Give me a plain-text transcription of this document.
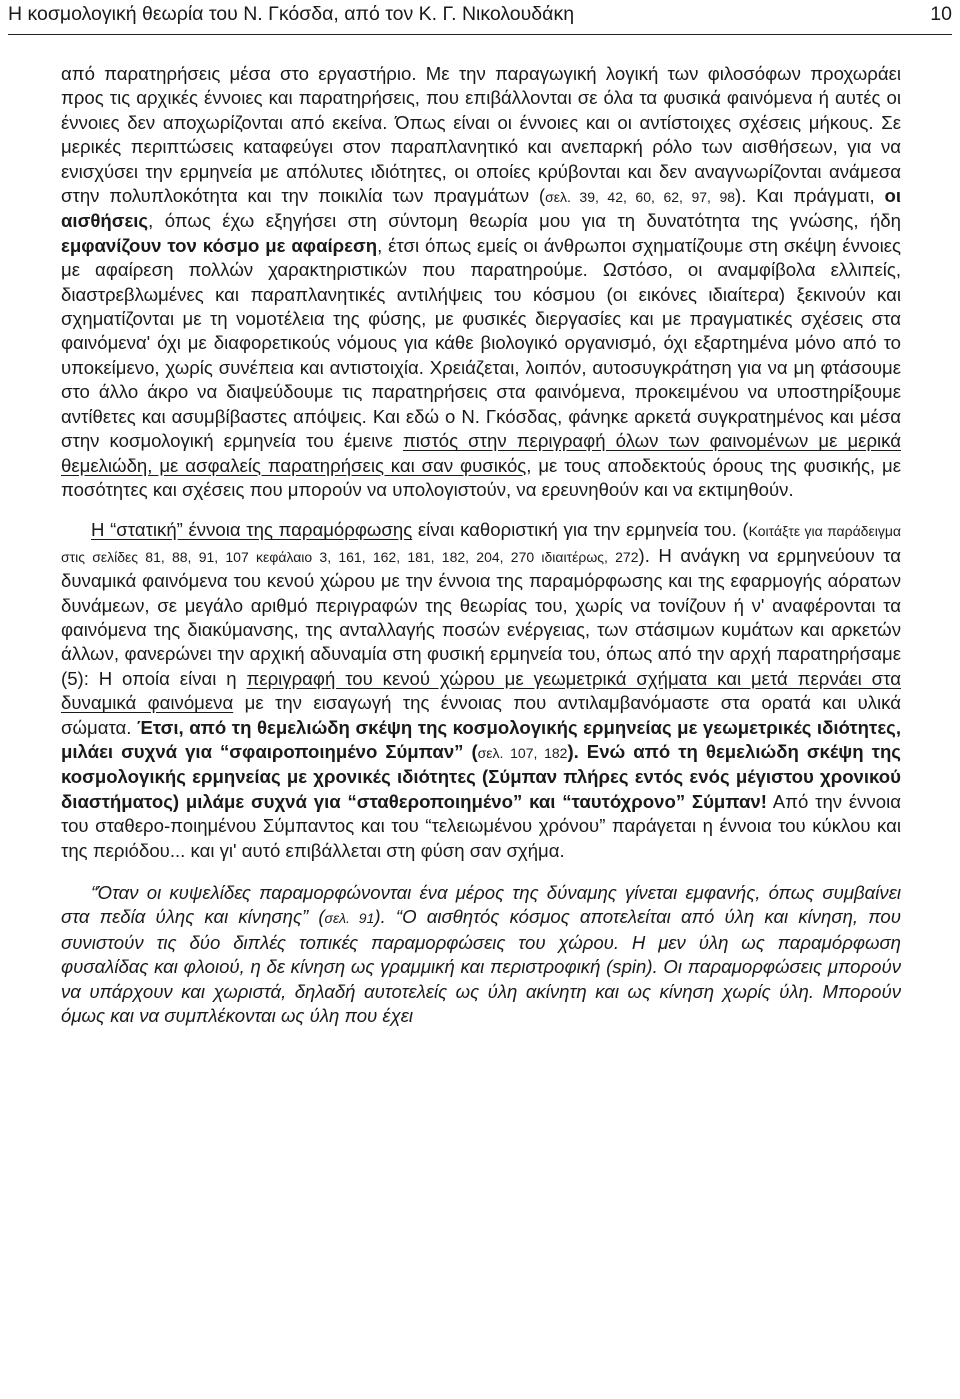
Η κοσμολογική θεωρία του Ν. Γκόσδα, από τον Κ. Γ. Νικολουδάκη	10

από παρατηρήσεις μέσα στο εργαστήριο. Με την παραγωγική λογική των φιλοσόφων προχωράει προς τις αρχικές έννοιες και παρατηρήσεις, που επιβάλλονται σε όλα τα φυσικά φαινόμενα ή αυτές οι έννοιες δεν αποχωρίζονται από εκείνα. Όπως είναι οι έννοιες και οι αντίστοιχες σχέσεις μήκους. Σε μερικές περιπτώσεις καταφεύγει στον παραπλανητικό και ανεπαρκή ρόλο των αισθήσεων, για να ενισχύσει την ερμηνεία με απόλυτες ιδιότητες, οι οποίες κρύβονται και δεν αναγνωρίζονται ανάμεσα στην πολυπλοκότητα και την ποικιλία των πραγμάτων (σελ. 39, 42, 60, 62, 97, 98). Και πράγματι, οι αισθήσεις, όπως έχω εξηγήσει στη σύντομη θεωρία μου για τη δυνατότητα της γνώσης, ήδη εμφανίζουν τον κόσμο με αφαίρεση, έτσι όπως εμείς οι άνθρωποι σχηματίζουμε στη σκέψη έννοιες με αφαίρεση πολλών χαρακτηριστικών που παρατηρούμε. Ωστόσο, οι αναμφίβολα ελλιπείς, διαστρεβλωμένες και παραπλανητικές αντιλήψεις του κόσμου (οι εικόνες ιδιαίτερα) ξεκινούν και σχηματίζονται με τη νομοτέλεια της φύσης, με φυσικές διεργασίες και με πραγματικές σχέσεις στα φαινόμενα' όχι με διαφορετικούς νόμους για κάθε βιολογικό οργανισμό, όχι εξαρτημένα μόνο από το υποκείμενο, χωρίς συνέπεια και αντιστοιχία. Χρειάζεται, λοιπόν, αυτοσυγκράτηση για να μη φτάσουμε στο άλλο άκρο να διαψεύδουμε τις παρατηρήσεις στα φαινόμενα, προκειμένου να υποστηρίξουμε αντίθετες και ασυμβίβαστες απόψεις. Και εδώ ο Ν. Γκόσδας, φάνηκε αρκετά συγκρατημένος και μέσα στην κοσμολογική ερμηνεία του έμεινε πιστός στην περιγραφή όλων των φαινομένων με μερικά θεμελιώδη, με ασφαλείς παρατηρήσεις και σαν φυσικός, με τους αποδεκτούς όρους της φυσικής, με ποσότητες και σχέσεις που μπορούν να υπολογιστούν, να ερευνηθούν και να εκτιμηθούν.

Η “στατική” έννοια της παραμόρφωσης είναι καθοριστική για την ερμηνεία του. (Κοιτάξτε για παράδειγμα στις σελίδες 81, 88, 91, 107 κεφάλαιο 3, 161, 162, 181, 182, 204, 270 ιδιαιτέρως, 272). Η ανάγκη να ερμηνεύουν τα δυναμικά φαινόμενα του κενού χώρου με την έννοια της παραμόρφωσης και της εφαρμογής αόρατων δυνάμεων, σε μεγάλο αριθμό περιγραφών της θεωρίας του, χωρίς να τονίζουν ή ν' αναφέρονται τα φαινόμενα της διακύμανσης, της ανταλλαγής ποσών ενέργειας, των στάσιμων κυμάτων και αρκετών άλλων, φανερώνει την αρχική αδυναμία στη φυσική ερμηνεία του, όπως από την αρχή παρατηρήσαμε (5): Η οποία είναι η περιγραφή του κενού χώρου με γεωμετρικά σχήματα και μετά περνάει στα δυναμικά φαινόμενα με την εισαγωγή της έννοιας που αντιλαμβανόμαστε στα ορατά και υλικά σώματα. Έτσι, από τη θεμελιώδη σκέψη της κοσμολογικής ερμηνείας με γεωμετρικές ιδιότητες, μιλάει συχνά για “σφαιροποιημένο Σύμπαν” (σελ. 107, 182). Ενώ από τη θεμελιώδη σκέψη της κοσμολογικής ερμηνείας με χρονικές ιδιότητες (Σύμπαν πλήρες εντός ενός μέγιστου χρονικού διαστήματος) μιλάμε συχνά για “σταθεροποιημένο” και “ταυτόχρονο” Σύμπαν! Από την έννοια του σταθερο-ποιημένου Σύμπαντος και του “τελειωμένου χρόνου” παράγεται η έννοια του κύκλου και της περιόδου... και γι' αυτό επιβάλλεται στη φύση σαν σχήμα.

“Όταν οι κυψελίδες παραμορφώνονται ένα μέρος της δύναμης γίνεται εμφανής, όπως συμβαίνει στα πεδία ύλης και κίνησης” (σελ. 91). “Ο αισθητός κόσμος αποτελείται από ύλη και κίνηση, που συνιστούν τις δύο διπλές τοπικές παραμορφώσεις του χώρου. Η μεν ύλη ως παραμόρφωση φυσαλίδας και φλοιού, η δε κίνηση ως γραμμική και περιστροφική (spin). Οι παραμορφώσεις μπορούν να υπάρχουν και χωριστά, δηλαδή αυτοτελείς ως ύλη ακίνητη και ως κίνηση χωρίς ύλη. Μπορούν όμως και να συμπλέκονται ως ύλη που έχει
